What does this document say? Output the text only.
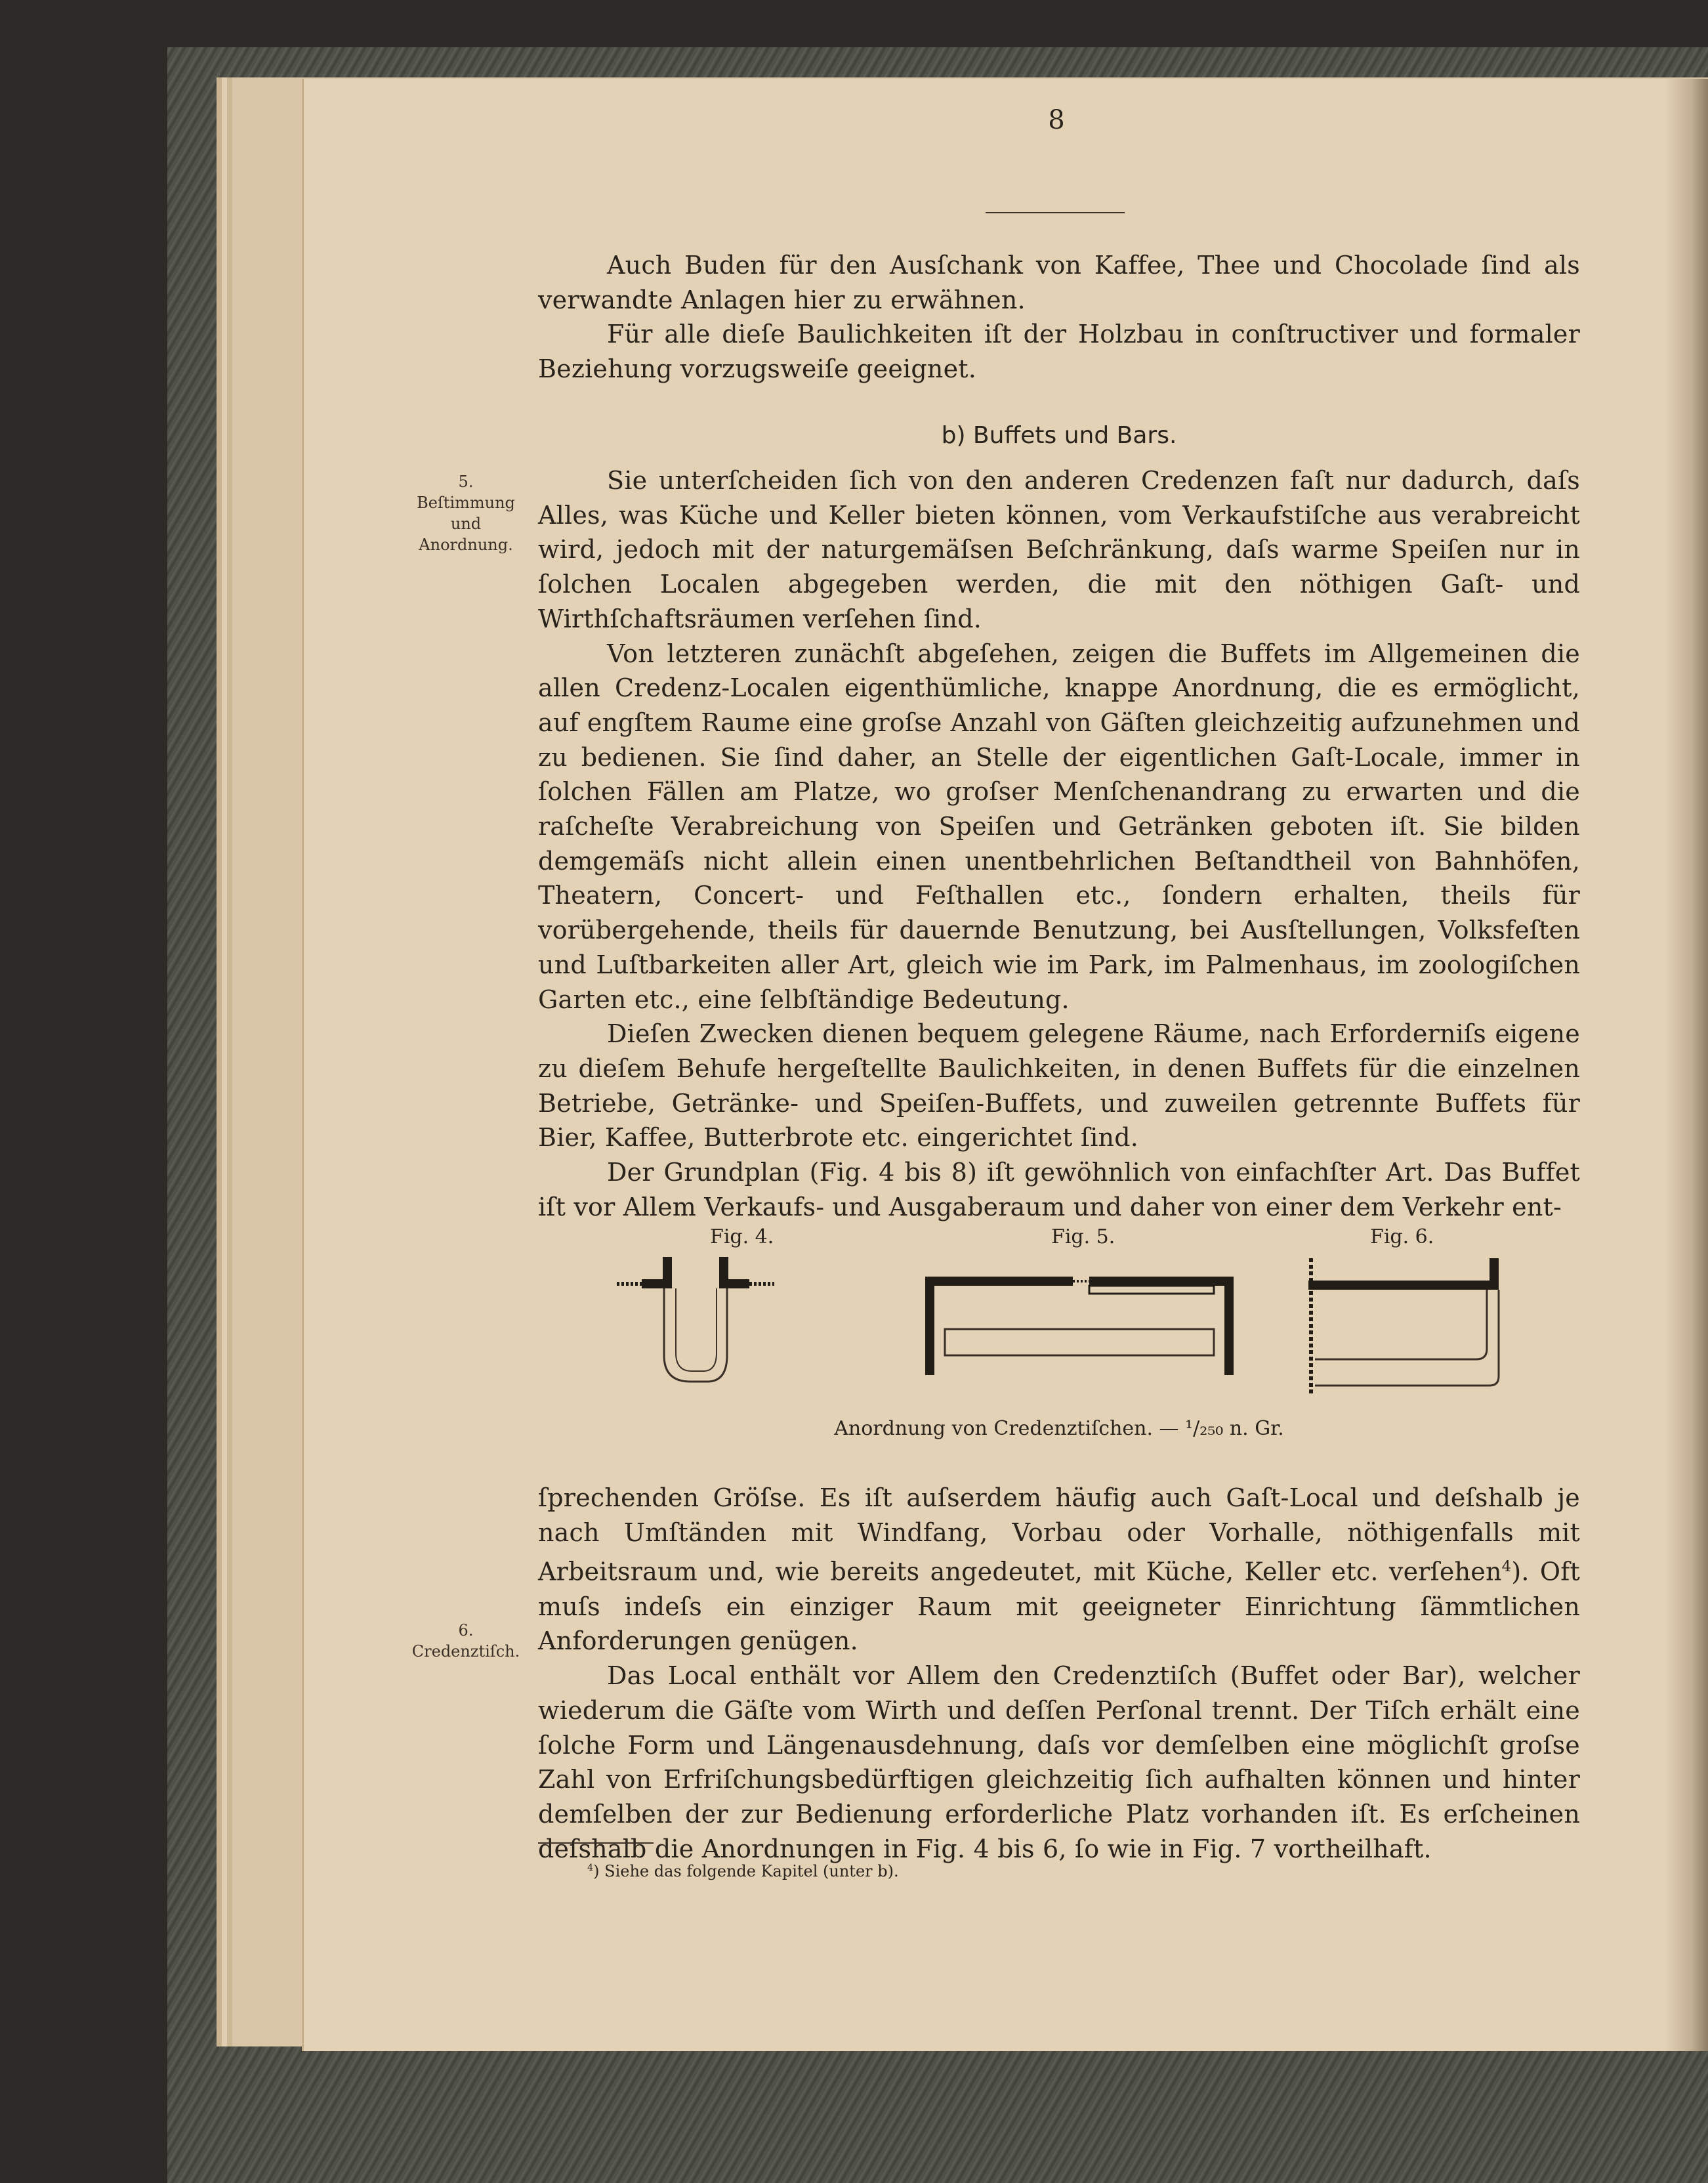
8

Auch Buden für den Ausſchank von Kaffee, Thee und Chocolade ſind als verwandte Anlagen hier zu erwähnen.

Für alle dieſe Baulichkeiten iſt der Holzbau in conſtructiver und formaler Beziehung vorzugsweiſe geeignet.

b) Buffets und Bars.

Sie unterſcheiden ſich von den anderen Credenzen faſt nur dadurch, daſs Alles, was Küche und Keller bieten können, vom Verkaufstiſche aus verabreicht wird, jedoch mit der naturgemäſsen Beſchränkung, daſs warme Speiſen nur in ſolchen Localen abgegeben werden, die mit den nöthigen Gaſt- und Wirthſchaftsräumen verſehen ſind.

Von letzteren zunächſt abgeſehen, zeigen die Buffets im Allgemeinen die allen Credenz-Localen eigenthümliche, knappe Anordnung, die es ermöglicht, auf engſtem Raume eine groſse Anzahl von Gäſten gleichzeitig aufzunehmen und zu bedienen. Sie ſind daher, an Stelle der eigentlichen Gaſt-Locale, immer in ſolchen Fällen am Platze, wo groſser Menſchenandrang zu erwarten und die raſcheſte Verabreichung von Speiſen und Getränken geboten iſt. Sie bilden demgemäſs nicht allein einen unentbehrlichen Beſtandtheil von Bahnhöfen, Theatern, Concert- und Feſthallen etc., ſondern erhalten, theils für vorübergehende, theils für dauernde Benutzung, bei Ausſtellungen, Volksfeſten und Luſtbarkeiten aller Art, gleich wie im Park, im Palmenhaus, im zoologiſchen Garten etc., eine ſelbſtändige Bedeutung.

Dieſen Zwecken dienen bequem gelegene Räume, nach Erforderniſs eigene zu dieſem Behufe hergeſtellte Baulichkeiten, in denen Buffets für die einzelnen Betriebe, Getränke- und Speiſen-Buffets, und zuweilen getrennte Buffets für Bier, Kaffee, Butterbrote etc. eingerichtet ſind.

Der Grundplan (Fig. 4 bis 8) iſt gewöhnlich von einfachſter Art. Das Buffet iſt vor Allem Verkaufs- und Ausgaberaum und daher von einer dem Verkehr ent-

5.
Beſtimmung
und
Anordnung.
Fig. 4.	Fig. 5.	Fig. 6.
Anordnung von Credenztiſchen. — ¹/₂₅₀ n. Gr.

ſprechenden Gröſse. Es iſt auſserdem häufig auch Gaſt-Local und deſshalb je nach Umſtänden mit Windfang, Vorbau oder Vorhalle, nöthigenfalls mit Arbeitsraum und, wie bereits angedeutet, mit Küche, Keller etc. verſehen$^4$). Oft muſs indeſs ein einziger Raum mit geeigneter Einrichtung ſämmtlichen Anforderungen genügen.

Das Local enthält vor Allem den Credenztiſch (Buffet oder Bar), welcher wiederum die Gäſte vom Wirth und deſſen Perſonal trennt. Der Tiſch erhält eine ſolche Form und Längenausdehnung, daſs vor demſelben eine möglichſt groſse Zahl von Erfriſchungsbedürftigen gleichzeitig ſich aufhalten können und hinter demſelben der zur Bedienung erforderliche Platz vorhanden iſt. Es erſcheinen deſshalb die Anordnungen in Fig. 4 bis 6, ſo wie in Fig. 7 vortheilhaft.

6.
Credenztiſch.
$^4$) Siehe das folgende Kapitel (unter b).
